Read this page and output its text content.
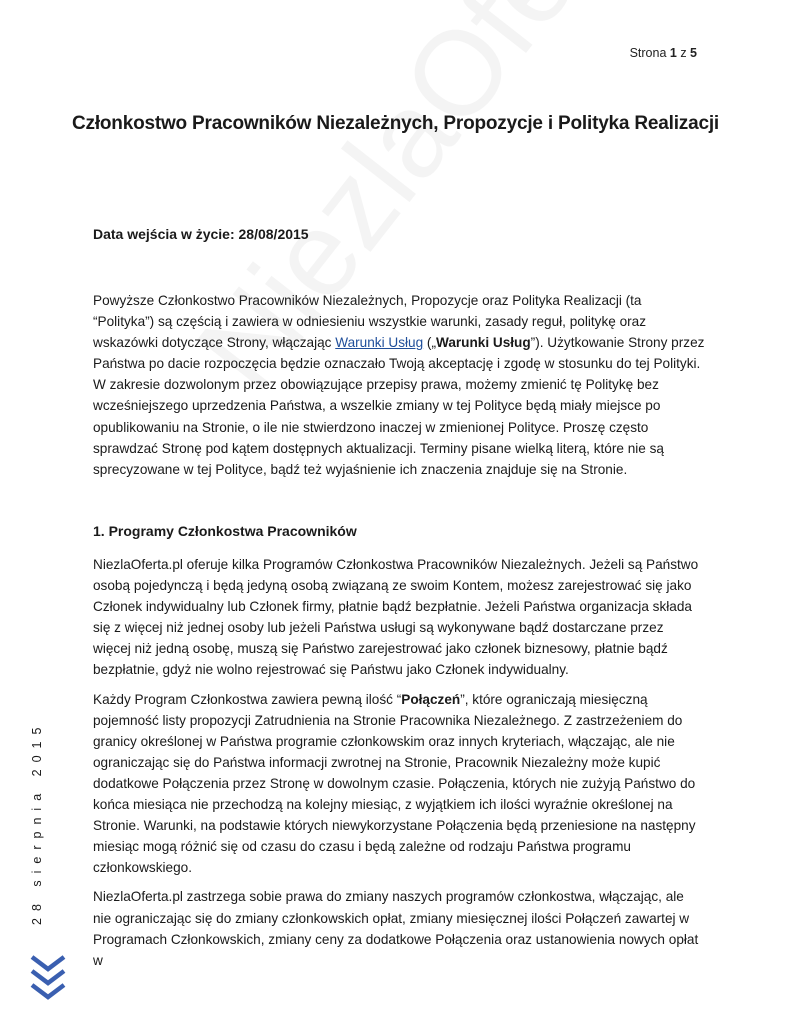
Strona 1 z 5
Członkostwo Pracowników Niezależnych, Propozycje i Polityka Realizacji

Data wejścia w życie: 28/08/2015

Powyższe Członkostwo Pracowników Niezależnych, Propozycje oraz Polityka Realizacji (ta “Polityka”) są częścią i zawiera w odniesieniu wszystkie warunki, zasady reguł, politykę oraz wskazówki dotyczące Strony, włączając Warunki Usług („Warunki Usług”). Użytkowanie Strony przez Państwa po dacie rozpoczęcia będzie oznaczało Twoją akceptację i zgodę w stosunku do tej Polityki. W zakresie dozwolonym przez obowiązujące przepisy prawa, możemy zmienić tę Politykę bez wcześniejszego uprzedzenia Państwa, a wszelkie zmiany w tej Polityce będą miały miejsce po opublikowaniu na Stronie, o ile nie stwierdzono inaczej w zmienionej Polityce. Proszę często sprawdzać Stronę pod kątem dostępnych aktualizacji. Terminy pisane wielką literą, które nie są sprecyzowane w tej Polityce, bądź też wyjaśnienie ich znaczenia znajduje się na Stronie.

1. Programy Członkostwa Pracowników

NiezlaOferta.pl oferuje kilka Programów Członkostwa Pracowników Niezależnych. Jeżeli są Państwo osobą pojedynczą i będą jedyną osobą związaną ze swoim Kontem, możesz zarejestrować się jako Członek indywidualny lub Członek firmy, płatnie bądź bezpłatnie. Jeżeli Państwa organizacja składa się z więcej niż jednej osoby lub jeżeli Państwa usługi są wykonywane bądź dostarczane przez więcej niż jedną osobę, muszą się Państwo zarejestrować jako członek biznesowy, płatnie bądź bezpłatnie, gdyż nie wolno rejestrować się Państwu jako Członek indywidualny.

Każdy Program Członkostwa zawiera pewną ilość “Połączeń”, które ograniczają miesięczną pojemność listy propozycji Zatrudnienia na Stronie Pracownika Niezależnego. Z zastrzeżeniem do granicy określonej w Państwa programie członkowskim oraz innych kryteriach, włączając, ale nie ograniczając się do Państwa informacji zwrotnej na Stronie, Pracownik Niezależny może kupić dodatkowe Połączenia przez Stronę w dowolnym czasie. Połączenia, których nie zużyją Państwo do końca miesiąca nie przechodzą na kolejny miesiąc, z wyjątkiem ich ilości wyraźnie określonej na Stronie. Warunki, na podstawie których niewykorzystane Połączenia będą przeniesione na następny miesiąc mogą różnić się od czasu do czasu i będą zależne od rodzaju Państwa programu członkowskiego.

NiezlaOferta.pl zastrzega sobie prawa do zmiany naszych programów członkostwa, włączając, ale nie ograniczając się do zmiany członkowskich opłat, zmiany miesięcznej ilości Połączeń zawartej w Programach Członkowskich, zmiany ceny za dodatkowe Połączenia oraz ustanowienia nowych opłat w

28 sierpnia 2015
